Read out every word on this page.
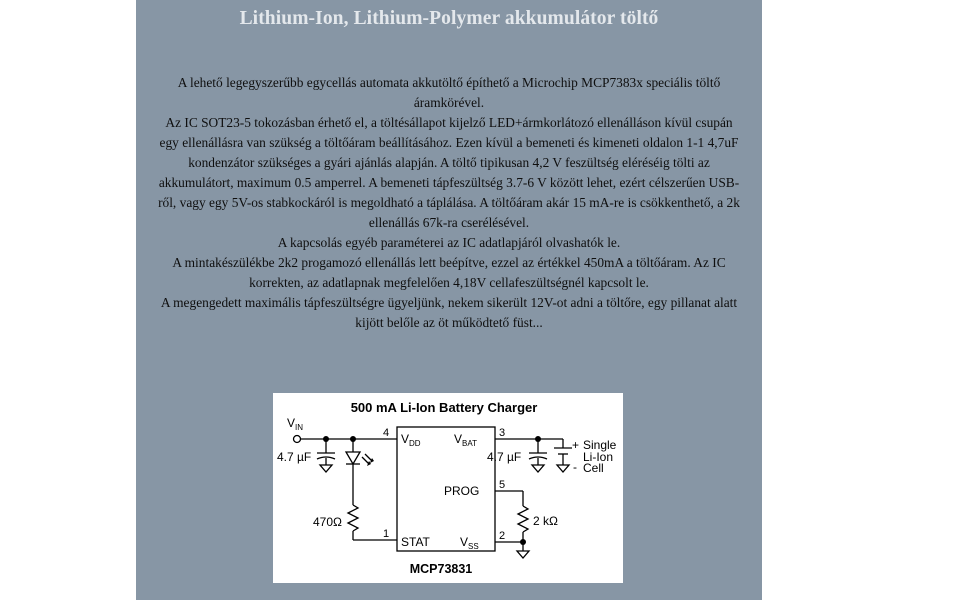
Lithium-Ion, Lithium-Polymer akkumulátor töltő

A lehető legegyszerűbb egycellás automata akkutöltő építhető a Microchip MCP7383x speciális töltő áramkörével.

Az IC SOT23-5 tokozásban érhető el, a töltésállapot kijelző LED+ármkorlátozó ellenálláson kívül csupán egy ellenállásra van szükség a töltőáram beállításához. Ezen kívül a bemeneti és kimeneti oldalon 1-1 4,7uF kondenzátor szükséges a gyári ajánlás alapján. A töltő tipikusan 4,2 V feszültség eléréséig tölti az akkumulátort, maximum 0.5 amperrel. A bemeneti tápfeszültség 3.7-6 V között lehet, ezért célszerűen USB-ről, vagy egy 5V-os stabkockáról is megoldható a táplálása. A töltőáram akár 15 mA-re is csökkenthető, a 2k ellenállás 67k-ra cserélésével.

A kapcsolás egyéb paraméterei az IC adatlapjáról olvashatók le.

A mintakészülékbe 2k2 progamozó ellenállás lett beépítve, ezzel az értékkel 450mA a töltőáram. Az IC korrekten, az adatlapnak megfelelően 4,18V cellafeszültségnél kapcsolt le.

A megengedett maximális tápfeszültségre ügyeljünk, nekem sikerült 12V-ot adni a töltőre, egy pillanat alatt kijött belőle az öt működtető füst...

500 mA Li-Ion Battery Charger
$V_{IN}$
4.7 µF
470Ω
4
1
3
5
2
$V_{DD}$	$V_{BAT}$
PROG
STAT	$V_{SS}$
4.7 µF
2 kΩ
+
-
Single
Li-Ion
Cell
MCP73831
